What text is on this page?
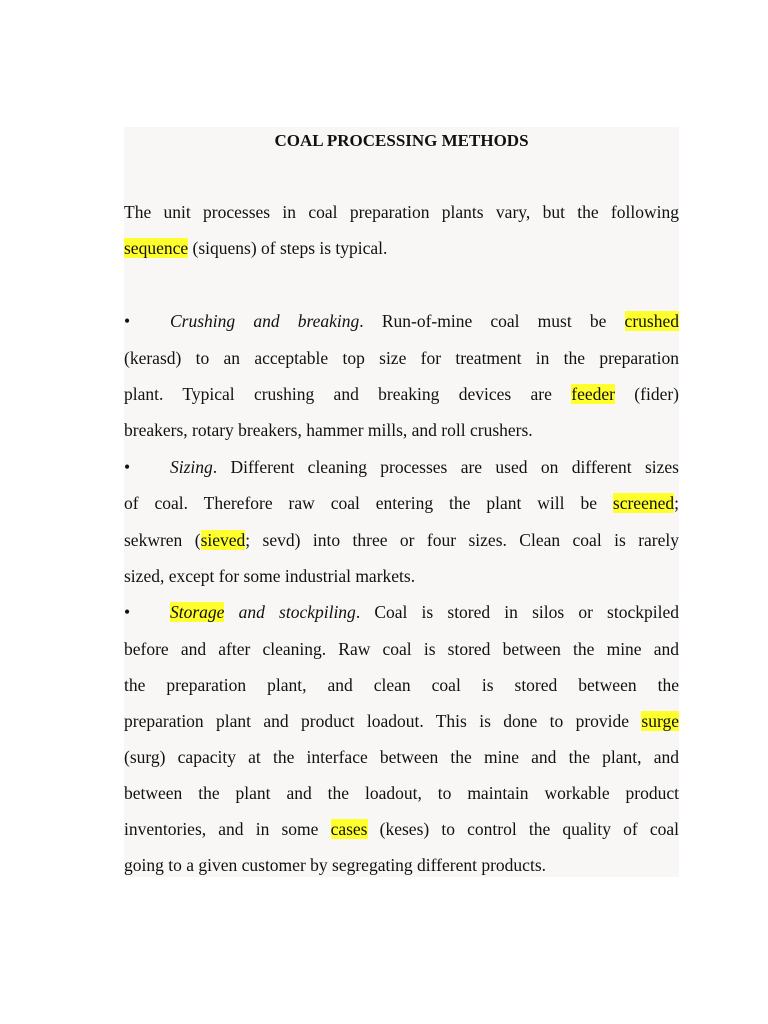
COAL PROCESSING METHODS
The unit processes in coal preparation plants vary, but the following
sequence (siquens) of steps is typical.
• Crushing and breaking. Run-of-mine coal must be crushed
(kerasd) to an acceptable top size for treatment in the preparation
plant. Typical crushing and breaking devices are feeder (fider)
breakers, rotary breakers, hammer mills, and roll crushers.
• Sizing. Different cleaning processes are used on different sizes
of coal. Therefore raw coal entering the plant will be screened;
sekwren (sieved; sevd) into three or four sizes. Clean coal is rarely
sized, except for some industrial markets.
• Storage and stockpiling. Coal is stored in silos or stockpiled
before and after cleaning. Raw coal is stored between the mine and
the preparation plant, and clean coal is stored between the
preparation plant and product loadout. This is done to provide surge
(surg) capacity at the interface between the mine and the plant, and
between the plant and the loadout, to maintain workable product
inventories, and in some cases (keses) to control the quality of coal
going to a given customer by segregating different products.
